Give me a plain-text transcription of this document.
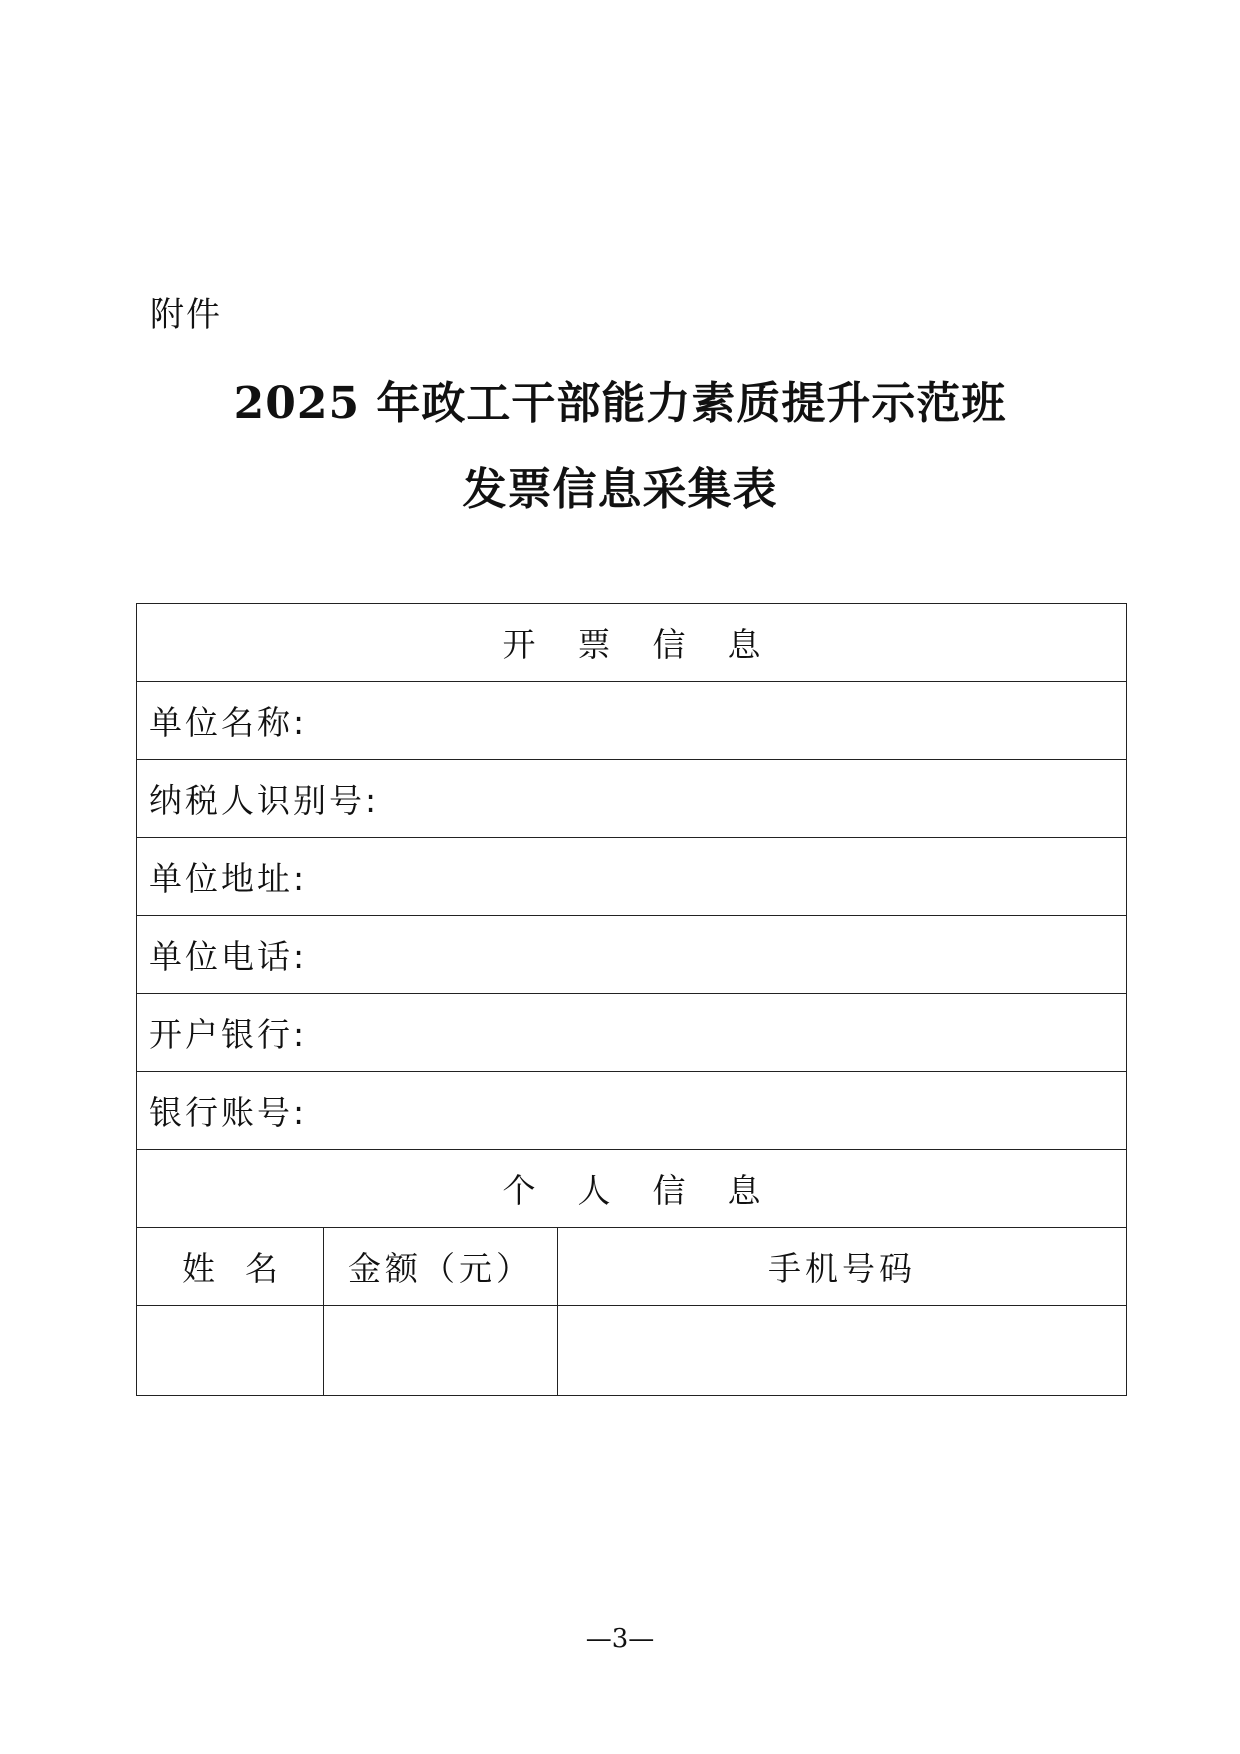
附件
2025 年政工干部能力素质提升示范班
发票信息采集表
开票信息		
单位名称:		
纳税人识别号:		
单位地址:		
单位电话:		
开户银行:		
银行账号:		
个人信息		
姓名	金额（元）	手机号码

—3—
